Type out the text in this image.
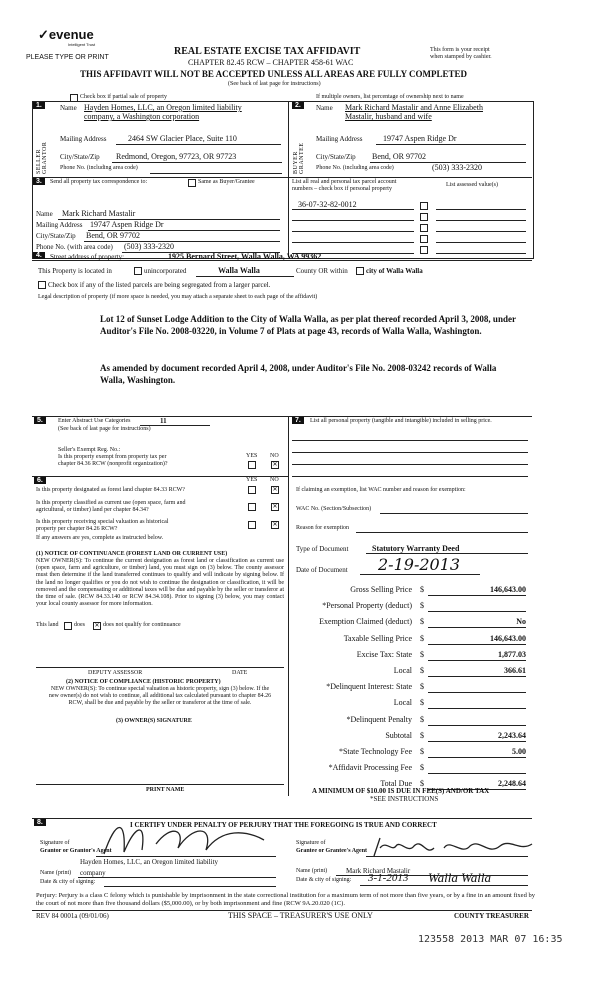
✓evenue
Intelligent Trust
PLEASE TYPE OR PRINT
REAL ESTATE EXCISE TAX AFFIDAVIT
CHAPTER 82.45 RCW – CHAPTER 458-61 WAC
THIS AFFIDAVIT WILL NOT BE ACCEPTED UNLESS ALL AREAS ARE FULLY COMPLETED
(See back of last page for instructions)
This form is your receipt
when stamped by cashier.
Check box if partial sale of property	If multiple owners, list percentage of ownership next to name
1.
SELLER GRANTOR
Name Hayden Homes, LLC, an Oregon limited liability
company, a Washington corporation
Mailing Address	2464 SW Glacier Place, Suite 110
City/State/Zip Redmond, Oregon, 97723, OR 97723
Phone No. (including area code)
2.
BUYER GRANTEE
Name Mark Richard Mastalir and Anne Elizabeth
Mastalir, husband and wife
Mailing Address	19747 Aspen Ridge Dr
City/State/Zip Bend, OR 97702
Phone No. (including area code)	(503) 333-2320
3.	Send all property tax correspondence to:	Same as Buyer/Grantee
Name Mark Richard Mastalir
Mailing Address 19747 Aspen Ridge Dr
City/State/Zip Bend, OR 97702
Phone No. (with area code) (503) 333-2320
List all real and personal tax parcel account
numbers – check box if personal property
List assessed value(s)
36-07-32-82-0012
4.	Street address of property:	1925 Bernard Street, Walla Walla, WA 99362
This Property is located in	unincorporated	Walla Walla	County OR within	city of Walla Walla
Check box if any of the listed parcels are being segregated from a larger parcel.
Legal description of property (if more space is needed, you may attach a separate sheet to each page of the affidavit)
Lot 12 of Sunset Lodge Addition to the City of Walla Walla, as per plat thereof recorded April 3, 2008, under Auditor's File No. 2008-03220, in Volume 7 of Plats at page 43, records of Walla Walla, Washington.
As amended by document recorded April 4, 2008, under Auditor's File No. 2008-03242 records of Walla Walla, Washington.
5.	Enter Abstract Use Categories	11
(See back of last page for instructions)
Seller's Exempt Reg. No.:
YES NO
Is this property exempt from property tax per
chapter 84.36 RCW (nonprofit organization)?	✕
6.	YES NO
Is this property designated as forest land chapter 84.33 RCW?	✕
Is this property classified as current use (open space, farm and
agricultural, or timber) land per chapter 84.34?	✕
Is this property receiving special valuation as historical
property per chapter 84.26 RCW?
✕
If any answers are yes, complete as instructed below.
(1) NOTICE OF CONTINUANCE (FOREST LAND OR CURRENT USE)
NEW OWNER(S): To continue the current designation as forest land or classification as current use (open space, farm and agriculture, or timber) land, you must sign on (3) below. The county assessor must then determine if the land transferred continues to qualify and will indicate by signing below. If the land no longer qualifies or you do not wish to continue the designation or classification, it will be removed and the compensating or additional taxes will be due and payable by the seller or transferor at the time of sale. (RCW 84.33.140 or RCW 84.34.108). Prior to signing (3) below, you may contact your local county assessor for more information.
This land	does ✕ does not qualify for continuance
DEPUTY ASSESSOR	DATE
(2) NOTICE OF COMPLIANCE (HISTORIC PROPERTY)
NEW OWNER(S): To continue special valuation as historic property, sign (3) below. If the new owner(s) do not wish to continue, all additional tax calculated pursuant to chapter 84.26 RCW, shall be due and payable by the seller or transferor at the time of sale.
(3) OWNER(S) SIGNATURE
PRINT NAME
7.	List all personal property (tangible and intangible) included in selling price.
If claiming an exemption, list WAC number and reason for exemption:
WAC No. (Section/Subsection)
Reason for exemption
Type of Document	Statutory Warranty Deed
Date of Document 2-19-2013
Gross Selling Price $	146,643.00
*Personal Property (deduct) $
Exemption Claimed (deduct) $	No
Taxable Selling Price $	146,643.00
Excise Tax: State $	1,877.03
Local $	366.61
*Delinquent Interest: State $
Local $
*Delinquent Penalty $
Subtotal $	2,243.64
*State Technology Fee $	5.00
*Affidavit Processing Fee $
Total Due $	2,248.64
A MINIMUM OF $10.00 IS DUE IN FEE(S) AND/OR TAX
*SEE INSTRUCTIONS
8.	I CERTIFY UNDER PENALTY OF PERJURY THAT THE FOREGOING IS TRUE AND CORRECT
Signature of
Grantor or Grantor's Agent
Hayden Homes, LLC, an Oregon limited liability
Name (print) company
Date & city of signing:
Signature of
Grantee or Grantee's Agent
Name (print)	Mark Richard Mastalir
Date & city of signing: 3-1-2013 Walla Walla
Perjury: Perjury is a class C felony which is punishable by imprisonment in the state correctional institution for a maximum term of not more than five years, or by a fine in an amount fixed by the court of not more than five thousand dollars ($5,000.00), or by both imprisonment and fine (RCW 9A.20.020 (1C).
REV 84 0001a (09/01/06)	THIS SPACE – TREASURER'S USE ONLY	COUNTY TREASURER
123558 2013 MAR 07 16:35
